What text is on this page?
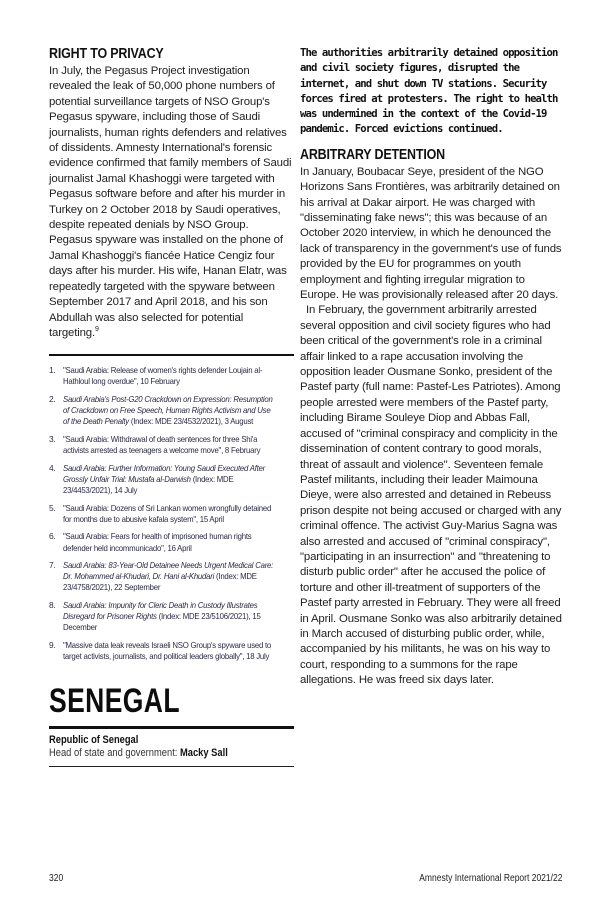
RIGHT TO PRIVACY

In July, the Pegasus Project investigation revealed the leak of 50,000 phone numbers of potential surveillance targets of NSO Group's Pegasus spyware, including those of Saudi journalists, human rights defenders and relatives of dissidents. Amnesty International's forensic evidence confirmed that family members of Saudi journalist Jamal Khashoggi were targeted with Pegasus software before and after his murder in Turkey on 2 October 2018 by Saudi operatives, despite repeated denials by NSO Group. Pegasus spyware was installed on the phone of Jamal Khashoggi's fiancée Hatice Cengiz four days after his murder. His wife, Hanan Elatr, was repeatedly targeted with the spyware between September 2017 and April 2018, and his son Abdullah was also selected for potential targeting.$^9$

1. "Saudi Arabia: Release of women's rights defender Loujain al-Hathloul long overdue", 10 February
2. Saudi Arabia's Post-G20 Crackdown on Expression: Resumption of Crackdown on Free Speech, Human Rights Activism and Use of the Death Penalty (Index: MDE 23/4532/2021), 3 August
3. "Saudi Arabia: Withdrawal of death sentences for three Shi'a activists arrested as teenagers a welcome move", 8 February
4. Saudi Arabia: Further Information: Young Saudi Executed After Grossly Unfair Trial: Mustafa al-Darwish (Index: MDE 23/4453/2021), 14 July
5. "Saudi Arabia: Dozens of Sri Lankan women wrongfully detained for months due to abusive kafala system", 15 April
6. "Saudi Arabia: Fears for health of imprisoned human rights defender held incommunicado", 16 April
7. Saudi Arabia: 83-Year-Old Detainee Needs Urgent Medical Care: Dr. Mohammed al-Khudari, Dr. Hani al-Khudari (Index: MDE 23/4758/2021), 22 September
8. Saudi Arabia: Impunity for Cleric Death in Custody Illustrates Disregard for Prisoner Rights (Index: MDE 23/5106/2021), 15 December
9. "Massive data leak reveals Israeli NSO Group's spyware used to target activists, journalists, and political leaders globally", 18 July
SENEGAL
Republic of Senegal
Head of state and government: Macky Sall

The authorities arbitrarily detained opposition and civil society figures, disrupted the internet, and shut down TV stations. Security forces fired at protesters. The right to health was undermined in the context of the Covid-19 pandemic. Forced evictions continued.

ARBITRARY DETENTION

In January, Boubacar Seye, president of the NGO Horizons Sans Frontières, was arbitrarily detained on his arrival at Dakar airport. He was charged with "disseminating fake news"; this was because of an October 2020 interview, in which he denounced the lack of transparency in the government's use of funds provided by the EU for programmes on youth employment and fighting irregular migration to Europe. He was provisionally released after 20 days.

In February, the government arbitrarily arrested several opposition and civil society figures who had been critical of the government's role in a criminal affair linked to a rape accusation involving the opposition leader Ousmane Sonko, president of the Pastef party (full name: Pastef-Les Patriotes). Among people arrested were members of the Pastef party, including Birame Souleye Diop and Abbas Fall, accused of "criminal conspiracy and complicity in the dissemination of content contrary to good morals, threat of assault and violence". Seventeen female Pastef militants, including their leader Maimouna Dieye, were also arrested and detained in Rebeuss prison despite not being accused or charged with any criminal offence. The activist Guy-Marius Sagna was also arrested and accused of "criminal conspiracy", "participating in an insurrection" and "threatening to disturb public order" after he accused the police of torture and other ill-treatment of supporters of the Pastef party arrested in February. They were all freed in April. Ousmane Sonko was also arbitrarily detained in March accused of disturbing public order, while, accompanied by his militants, he was on his way to court, responding to a summons for the rape allegations. He was freed six days later.

320	Amnesty International Report 2021/22
